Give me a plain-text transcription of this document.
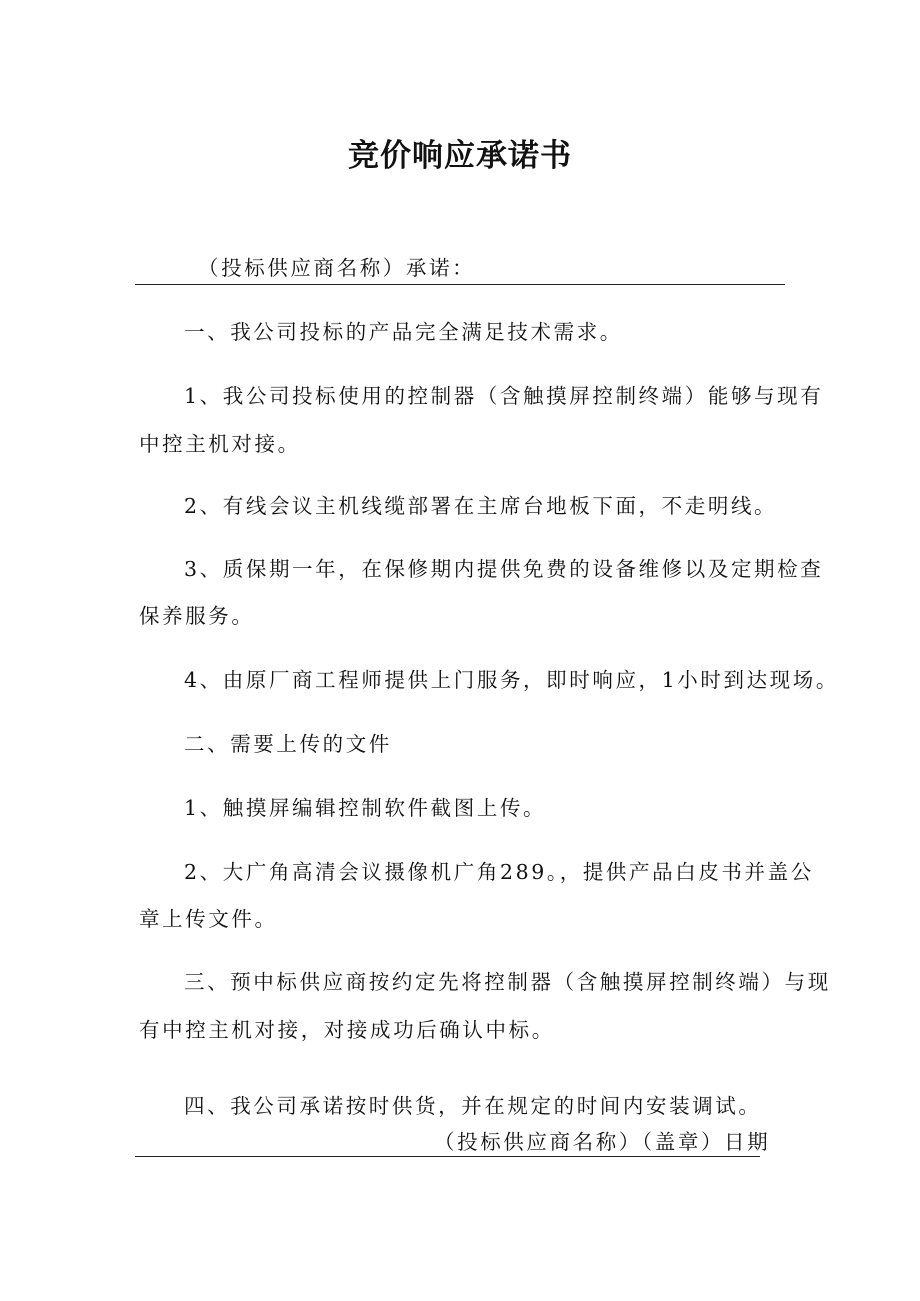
竞价响应承诺书
（投标供应商名称）承诺：
一、我公司投标的产品完全满足技术需求。
1、我公司投标使用的控制器（含触摸屏控制终端）能够与现有
中控主机对接。
2、有线会议主机线缆部署在主席台地板下面，不走明线。
3、质保期一年，在保修期内提供免费的设备维修以及定期检查
保养服务。
4、由原厂商工程师提供上门服务，即时响应，1小时到达现场。
二、需要上传的文件
1、触摸屏编辑控制软件截图上传。
2、大广角高清会议摄像机广角289。，提供产品白皮书并盖公
章上传文件。
三、预中标供应商按约定先将控制器（含触摸屏控制终端）与现
有中控主机对接，对接成功后确认中标。
四、我公司承诺按时供货，并在规定的时间内安装调试。
（投标供应商名称）（盖章）日期
